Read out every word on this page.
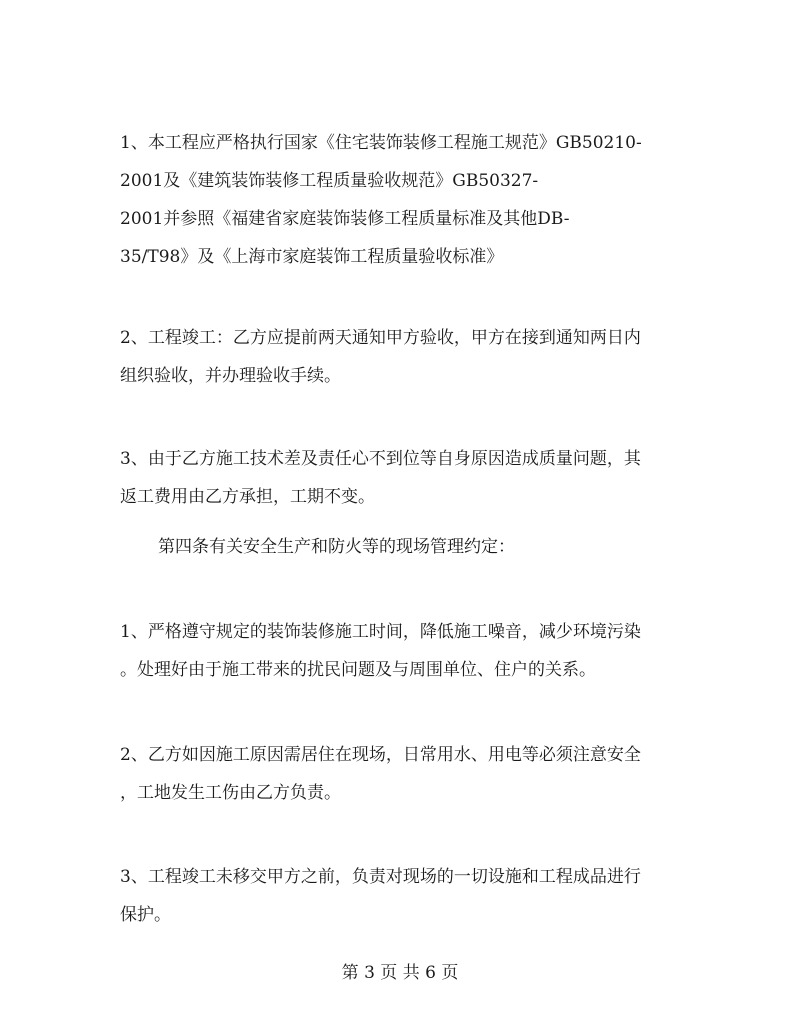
1、本工程应严格执行国家《住宅装饰装修工程施工规范》GB50210-
2001及《建筑装饰装修工程质量验收规范》GB50327-
2001并参照《福建省家庭装饰装修工程质量标准及其他DB-
35/T98》及《上海市家庭装饰工程质量验收标准》
2、工程竣工：乙方应提前两天通知甲方验收，甲方在接到通知两日内
组织验收，并办理验收手续。
3、由于乙方施工技术差及责任心不到位等自身原因造成质量问题，其
返工费用由乙方承担，工期不变。
第四条有关安全生产和防火等的现场管理约定：
1、严格遵守规定的装饰装修施工时间，降低施工噪音，减少环境污染
。处理好由于施工带来的扰民问题及与周围单位、住户的关系。
2、乙方如因施工原因需居住在现场，日常用水、用电等必须注意安全
，工地发生工伤由乙方负责。
3、工程竣工未移交甲方之前，负责对现场的一切设施和工程成品进行
保护。
第 3 页 共 6 页
